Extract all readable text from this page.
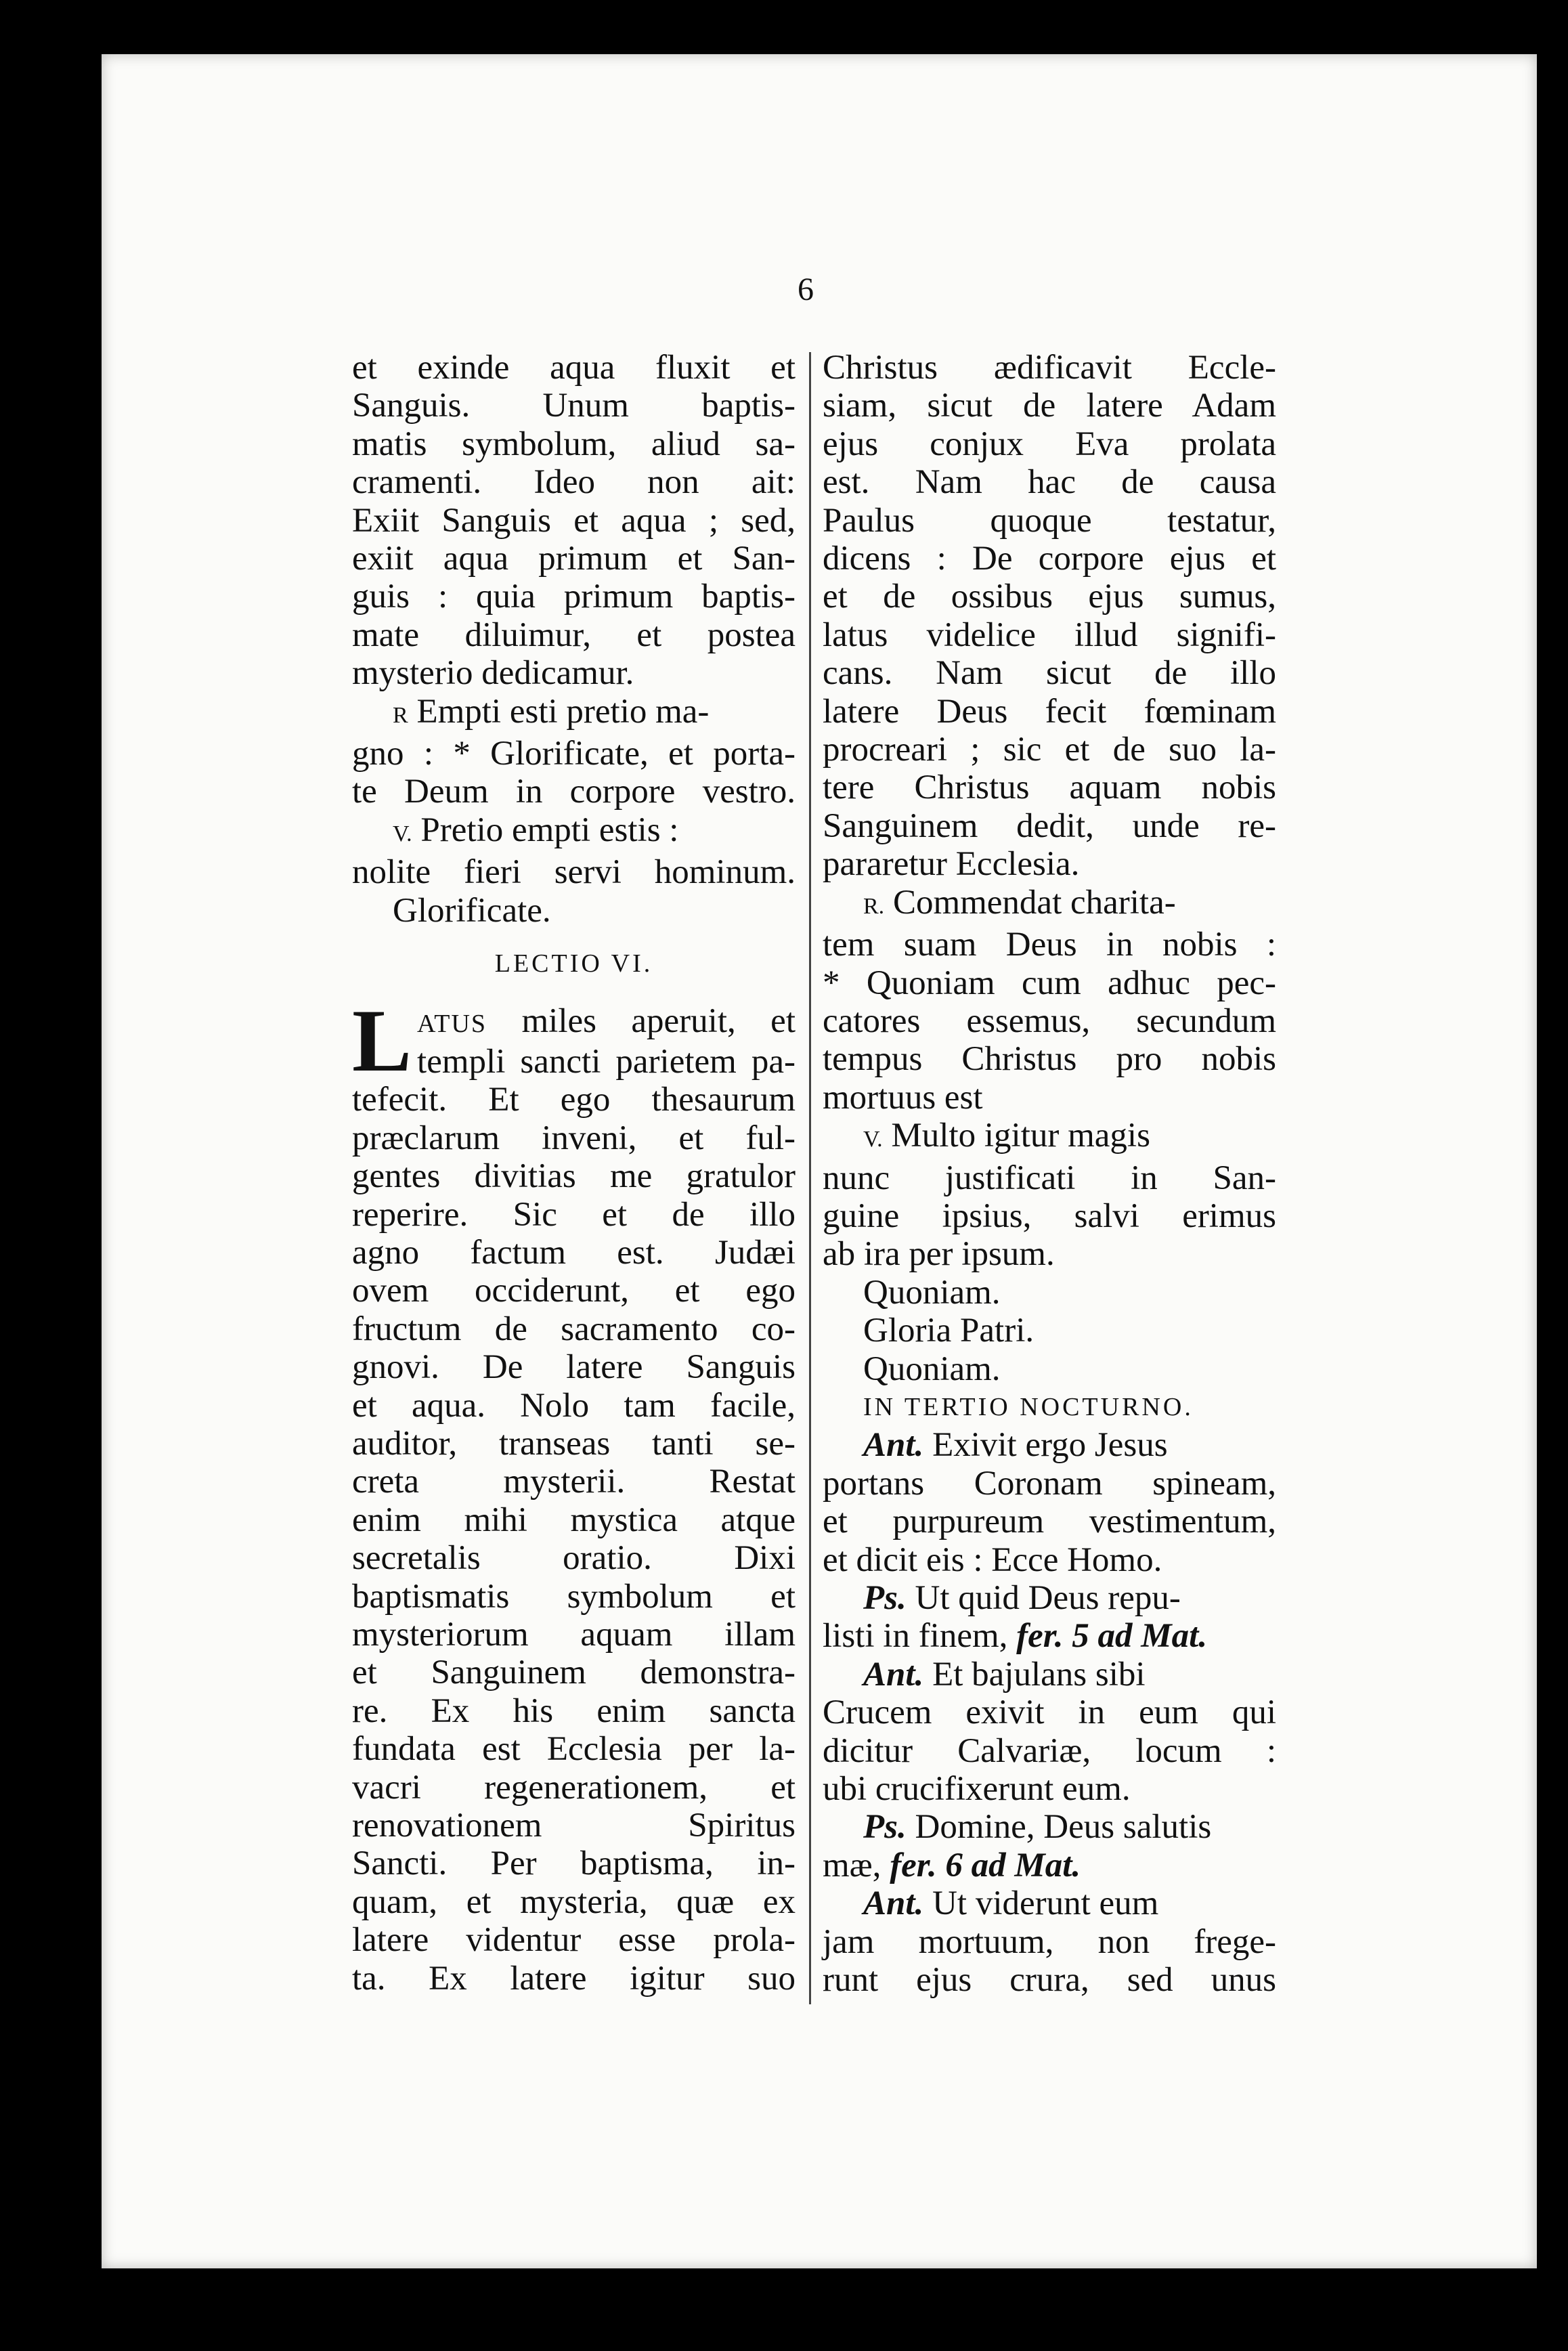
6
et exinde aqua fluxit et
Sanguis. Unum baptis-
matis symbolum, aliud sa-
cramenti. Ideo non ait:
Exiit Sanguis et aqua ; sed,
exiit aqua primum et San-
guis : quia primum baptis-
mate diluimur, et postea
mysterio dedicamur.
R Empti esti pretio ma-
gno : * Glorificate, et porta-
te Deum in corpore vestro.
V. Pretio empti estis :
nolite fieri servi hominum.
Glorificate.
LECTIO VI.
L ATUS miles aperuit, et
templi sancti parietem pa-
tefecit. Et ego thesaurum
præclarum inveni, et ful-
gentes divitias me gratulor
reperire. Sic et de illo
agno factum est. Judæi
ovem occiderunt, et ego
fructum de sacramento co-
gnovi. De latere Sanguis
et aqua. Nolo tam facile,
auditor, transeas tanti se-
creta mysterii. Restat
enim mihi mystica atque
secretalis oratio. Dixi
baptismatis symbolum et
mysteriorum aquam illam
et Sanguinem demonstra-
re. Ex his enim sancta
fundata est Ecclesia per la-
vacri regenerationem, et
renovationem Spiritus
Sancti. Per baptisma, in-
quam, et mysteria, quæ ex
latere videntur esse prola-
ta. Ex latere igitur suo
Christus ædificavit Eccle-
siam, sicut de latere Adam
ejus conjux Eva prolata
est. Nam hac de causa
Paulus quoque testatur,
dicens : De corpore ejus et
et de ossibus ejus sumus,
latus videlice illud signifi-
cans. Nam sicut de illo
latere Deus fecit fœminam
procreari ; sic et de suo la-
tere Christus aquam nobis
Sanguinem dedit, unde re-
pararetur Ecclesia.
R. Commendat charita-
tem suam Deus in nobis :
* Quoniam cum adhuc pec-
catores essemus, secundum
tempus Christus pro nobis
mortuus est
V. Multo igitur magis
nunc justificati in San-
guine ipsius, salvi erimus
ab ira per ipsum.
Quoniam.
Gloria Patri.
Quoniam.
IN TERTIO NOCTURNO.
Ant. Exivit ergo Jesus
portans Coronam spineam,
et purpureum vestimentum,
et dicit eis : Ecce Homo.
Ps. Ut quid Deus repu-
listi in finem, fer. 5 ad Mat.
Ant. Et bajulans sibi
Crucem exivit in eum qui
dicitur Calvariæ, locum :
ubi crucifixerunt eum.
Ps. Domine, Deus salutis
mæ, fer. 6 ad Mat.
Ant. Ut viderunt eum
jam mortuum, non frege-
runt ejus crura, sed unus
